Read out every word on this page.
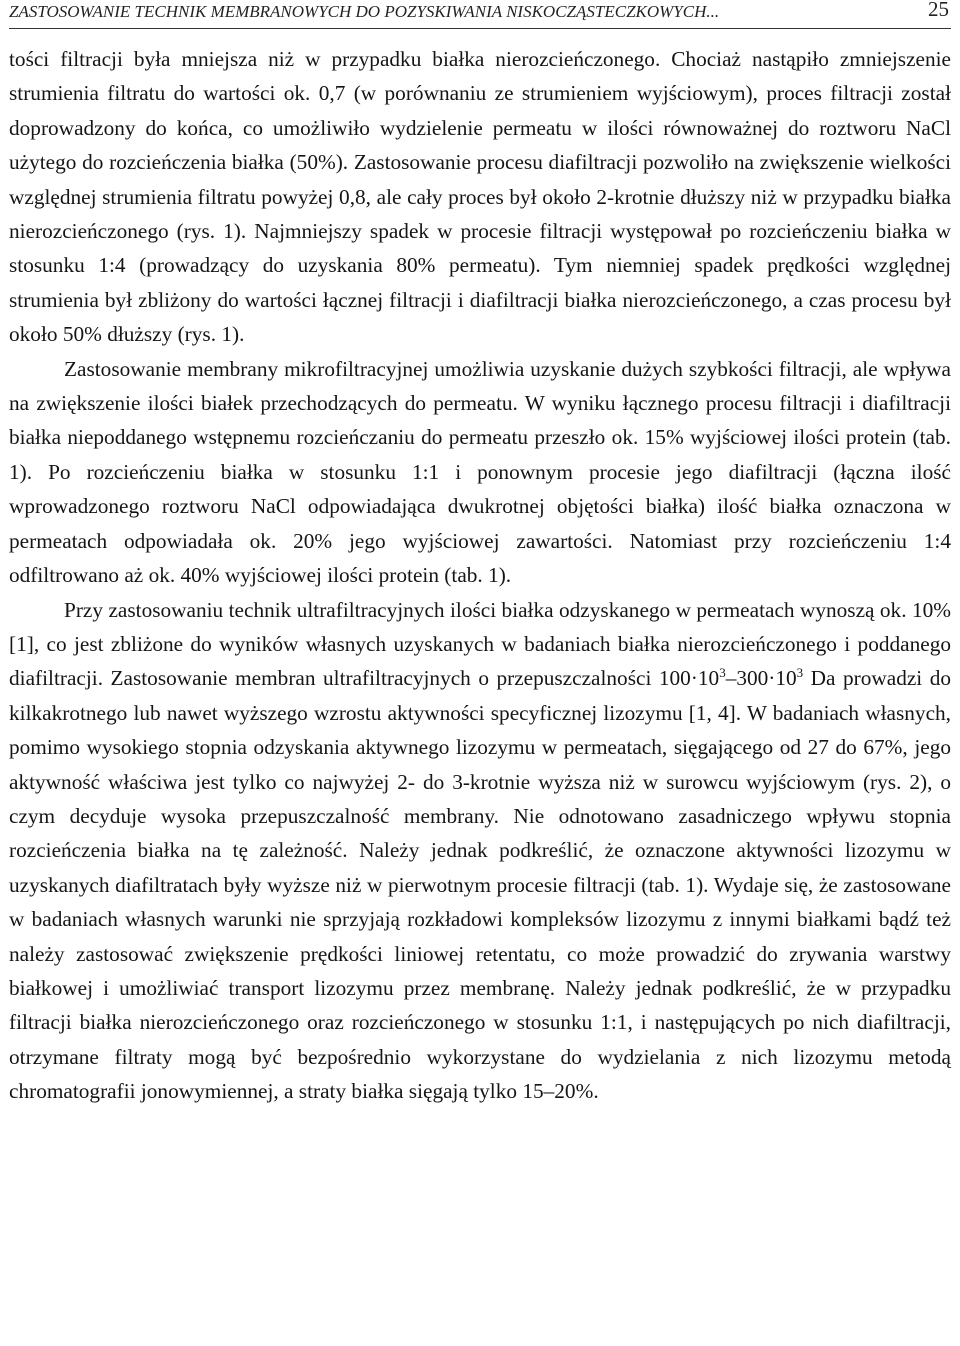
ZASTOSOWANIE TECHNIK MEMBRANOWYCH DO POZYSKIWANIA NISKOCZĄSTECZKOWYCH...	25

tości filtracji była mniejsza niż w przypadku białka nierozcieńczonego. Chociaż nastąpiło zmniejszenie strumienia filtratu do wartości ok. 0,7 (w porównaniu ze strumieniem wyjściowym), proces filtracji został doprowadzony do końca, co umożliwiło wydzielenie permeatu w ilości równoważnej do roztworu NaCl użytego do rozcieńczenia białka (50%). Zastosowanie procesu diafiltracji pozwoliło na zwiększenie wielkości względnej strumienia filtratu powyżej 0,8, ale cały proces był około 2-krotnie dłuższy niż w przypadku białka nierozcieńczonego (rys. 1). Najmniejszy spadek w procesie filtracji występował po rozcieńczeniu białka w stosunku 1:4 (prowadzący do uzyskania 80% permeatu). Tym niemniej spadek prędkości względnej strumienia był zbliżony do wartości łącznej filtracji i diafiltracji białka nierozcieńczonego, a czas procesu był około 50% dłuższy (rys. 1).

Zastosowanie membrany mikrofiltracyjnej umożliwia uzyskanie dużych szybkości filtracji, ale wpływa na zwiększenie ilości białek przechodzących do permeatu. W wyniku łącznego procesu filtracji i diafiltracji białka niepoddanego wstępnemu rozcieńczaniu do permeatu przeszło ok. 15% wyjściowej ilości protein (tab. 1). Po rozcieńczeniu białka w stosunku 1:1 i ponownym procesie jego diafiltracji (łączna ilość wprowadzonego roztworu NaCl odpowiadająca dwukrotnej objętości białka) ilość białka oznaczona w permeatach odpowiadała ok. 20% jego wyjściowej zawartości. Natomiast przy rozcieńczeniu 1:4 odfiltrowano aż ok. 40% wyjściowej ilości protein (tab. 1).

Przy zastosowaniu technik ultrafiltracyjnych ilości białka odzyskanego w permeatach wynoszą ok. 10% [1], co jest zbliżone do wyników własnych uzyskanych w badaniach białka nierozcieńczonego i poddanego diafiltracji. Zastosowanie membran ultrafiltracyjnych o przepuszczalności $100\cdot 10^3-300\cdot 10^3$ Da prowadzi do kilkakrotnego lub nawet wyższego wzrostu aktywności specyficznej lizozymu [1, 4]. W badaniach własnych, pomimo wysokiego stopnia odzyskania aktywnego lizozymu w permeatach, sięgającego od 27 do 67%, jego aktywność właściwa jest tylko co najwyżej 2- do 3-krotnie wyższa niż w surowcu wyjściowym (rys. 2), o czym decyduje wysoka przepuszczalność membrany. Nie odnotowano zasadniczego wpływu stopnia rozcieńczenia białka na tę zależność. Należy jednak podkreślić, że oznaczone aktywności lizozymu w uzyskanych diafiltratach były wyższe niż w pierwotnym procesie filtracji (tab. 1). Wydaje się, że zastosowane w badaniach własnych warunki nie sprzyjają rozkładowi kompleksów lizozymu z innymi białkami bądź też należy zastosować zwiększenie prędkości liniowej retentatu, co może prowadzić do zrywania warstwy białkowej i umożliwiać transport lizozymu przez membranę. Należy jednak podkreślić, że w przypadku filtracji białka nierozcieńczonego oraz rozcieńczonego w stosunku 1:1, i następujących po nich diafiltracji, otrzymane filtraty mogą być bezpośrednio wykorzystane do wydzielania z nich lizozymu metodą chromatografii jonowymiennej, a straty białka sięgają tylko 15–20%.
